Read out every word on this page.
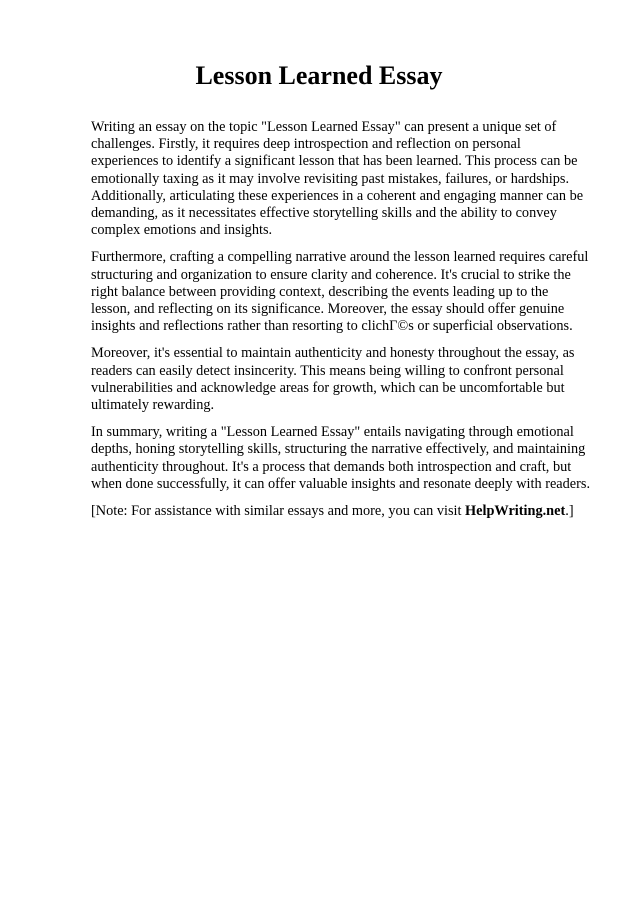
Lesson Learned Essay

Writing an essay on the topic "Lesson Learned Essay" can present a unique set of challenges. Firstly, it requires deep introspection and reflection on personal experiences to identify a significant lesson that has been learned. This process can be emotionally taxing as it may involve revisiting past mistakes, failures, or hardships. Additionally, articulating these experiences in a coherent and engaging manner can be demanding, as it necessitates effective storytelling skills and the ability to convey complex emotions and insights.

Furthermore, crafting a compelling narrative around the lesson learned requires careful structuring and organization to ensure clarity and coherence. It's crucial to strike the right balance between providing context, describing the events leading up to the lesson, and reflecting on its significance. Moreover, the essay should offer genuine insights and reflections rather than resorting to clichГ©s or superficial observations.

Moreover, it's essential to maintain authenticity and honesty throughout the essay, as readers can easily detect insincerity. This means being willing to confront personal vulnerabilities and acknowledge areas for growth, which can be uncomfortable but ultimately rewarding.

In summary, writing a "Lesson Learned Essay" entails navigating through emotional depths, honing storytelling skills, structuring the narrative effectively, and maintaining authenticity throughout. It's a process that demands both introspection and craft, but when done successfully, it can offer valuable insights and resonate deeply with readers.

[Note: For assistance with similar essays and more, you can visit HelpWriting.net.]
